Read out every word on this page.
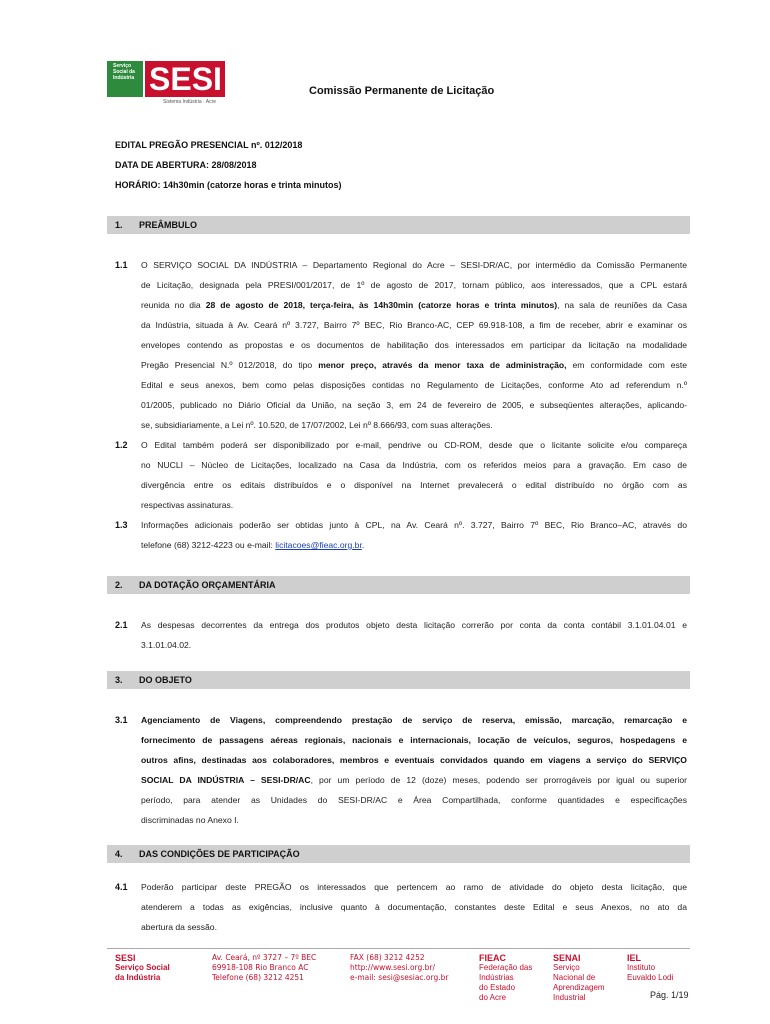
Serviço Social da Indústria SESI
Sistema Indústria · Acre
Comissão Permanente de Licitação
EDITAL PREGÃO PRESENCIAL nº. 012/2018
DATA DE ABERTURA: 28/08/2018
HORÁRIO: 14h30min (catorze horas e trinta minutos)
1. PREÂMBULO
1.1 O SERVIÇO SOCIAL DA INDÚSTRIA – Departamento Regional do Acre – SESI-DR/AC, por intermédio da Comissão Permanente
de Licitação, designada pela PRESI/001/2017, de 1º de agosto de 2017, tornam público, aos interessados, que a CPL estará
reunida no dia 28 de agosto de 2018, terça-feira, às 14h30min (catorze horas e trinta minutos), na sala de reuniões da Casa
da Indústria, situada à Av. Ceará nº 3.727, Bairro 7º BEC, Rio Branco-AC, CEP 69.918-108, a fim de receber, abrir e examinar os
envelopes contendo as propostas e os documentos de habilitação dos interessados em participar da licitação na modalidade
Pregão Presencial N.º 012/2018, do tipo menor preço, através da menor taxa de administração, em conformidade com este
Edital e seus anexos, bem como pelas disposições contidas no Regulamento de Licitações, conforme Ato ad referendum n.º
01/2005, publicado no Diário Oficial da União, na seção 3, em 24 de fevereiro de 2005, e subseqüentes alterações, aplicando-
se, subsidiariamente, a Lei nº. 10.520, de 17/07/2002, Lei nº 8.666/93, com suas alterações.
1.2 O Edital também poderá ser disponibilizado por e-mail, pendrive ou CD-ROM, desde que o licitante solicite e/ou compareça
no NUCLI – Núcleo de Licitações, localizado na Casa da Indústria, com os referidos meios para a gravação. Em caso de
divergência entre os editais distribuídos e o disponível na Internet prevalecerá o edital distribuído no órgão com as
respectivas assinaturas.
1.3 Informações adicionais poderão ser obtidas junto à CPL, na Av. Ceará nº. 3.727, Bairro 7º BEC, Rio Branco–AC, através do
telefone (68) 3212-4223 ou e-mail: licitacoes@fieac.org.br.
2. DA DOTAÇÃO ORÇAMENTÁRIA
2.1 As despesas decorrentes da entrega dos produtos objeto desta licitação correrão por conta da conta contábil 3.1.01.04.01 e
3.1.01.04.02.
3. DO OBJETO
3.1 Agenciamento de Viagens, compreendendo prestação de serviço de reserva, emissão, marcação, remarcação e
fornecimento de passagens aéreas regionais, nacionais e internacionais, locação de veículos, seguros, hospedagens e
outros afins, destinadas aos colaboradores, membros e eventuais convidados quando em viagens a serviço do SERVIÇO
SOCIAL DA INDÚSTRIA – SESI-DR/AC, por um período de 12 (doze) meses, podendo ser prorrogáveis por igual ou superior
período, para atender as Unidades do SESI-DR/AC e Área Compartilhada, conforme quantidades e especificações
discriminadas no Anexo I.
4. DAS CONDIÇÕES DE PARTICIPAÇÃO
4.1 Poderão participar deste PREGÃO os interessados que pertencem ao ramo de atividade do objeto desta licitação, que
atenderem a todas as exigências, inclusive quanto à documentação, constantes deste Edital e seus Anexos, no ato da
abertura da sessão.
SESI
Serviço Social
da Indústria
Av. Ceará, nº 3727 – 7º BEC
69918-108 Rio Branco AC
Telefone (68) 3212 4251
FAX (68) 3212 4252
http://www.sesi.org.br/
e-mail: sesi@sesiac.org.br
FIEAC
Federação das
Indústrias
do Estado
do Acre
SENAI
Serviço
Nacional de
Aprendizagem
Industrial
IEL
Instituto
Euvaldo Lodi
Pág. 1/19
